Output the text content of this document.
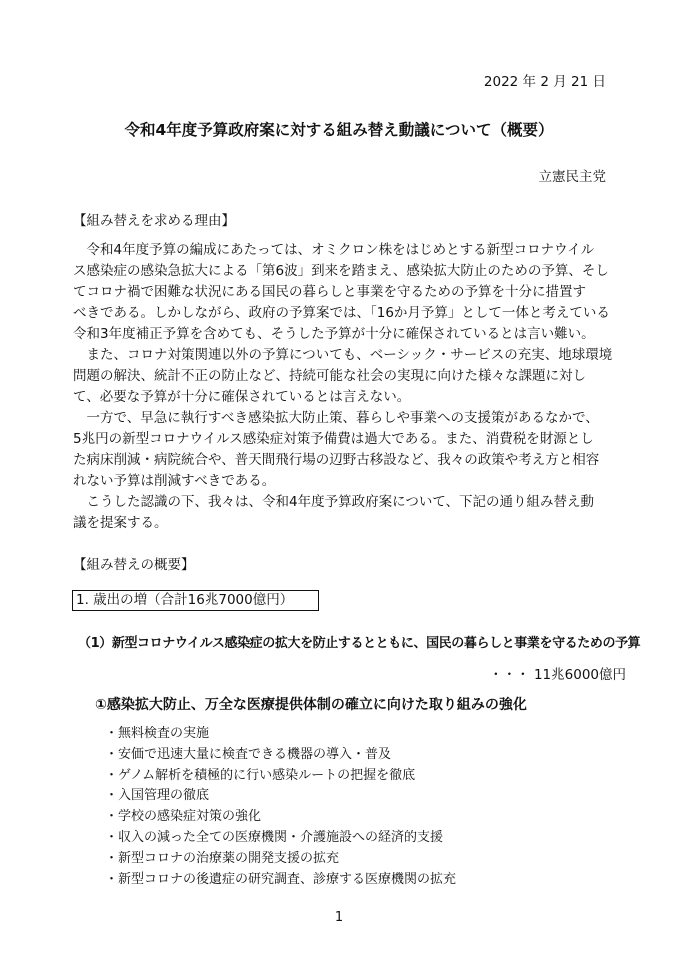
2022 年 2 月 21 日
令和4年度予算政府案に対する組み替え動議について（概要）
立憲民主党
【組み替えを求める理由】
　令和4年度予算の編成にあたっては、オミクロン株をはじめとする新型コロナウイル
ス感染症の感染急拡大による「第6波」到来を踏まえ、感染拡大防止のための予算、そし
てコロナ禍で困難な状況にある国民の暮らしと事業を守るための予算を十分に措置す
べきである。しかしながら、政府の予算案では、「16か月予算」として一体と考えている
令和3年度補正予算を含めても、そうした予算が十分に確保されているとは言い難い。
　また、コロナ対策関連以外の予算についても、ベーシック・サービスの充実、地球環境
問題の解決、統計不正の防止など、持続可能な社会の実現に向けた様々な課題に対し
て、必要な予算が十分に確保されているとは言えない。
　一方で、早急に執行すべき感染拡大防止策、暮らしや事業への支援策があるなかで、
5兆円の新型コロナウイルス感染症対策予備費は過大である。また、消費税を財源とし
た病床削減・病院統合や、普天間飛行場の辺野古移設など、我々の政策や考え方と相容
れない予算は削減すべきである。
　こうした認識の下、我々は、令和4年度予算政府案について、下記の通り組み替え動
議を提案する。
【組み替えの概要】
1. 歳出の増（合計16兆7000億円）
（1）新型コロナウイルス感染症の拡大を防止するとともに、国民の暮らしと事業を守るための予算
・・・ 11兆6000億円
①感染拡大防止、万全な医療提供体制の確立に向けた取り組みの強化
・無料検査の実施
・安価で迅速大量に検査できる機器の導入・普及
・ゲノム解析を積極的に行い感染ルートの把握を徹底
・入国管理の徹底
・学校の感染症対策の強化
・収入の減った全ての医療機関・介護施設への経済的支援
・新型コロナの治療薬の開発支援の拡充
・新型コロナの後遺症の研究調査、診療する医療機関の拡充
1
